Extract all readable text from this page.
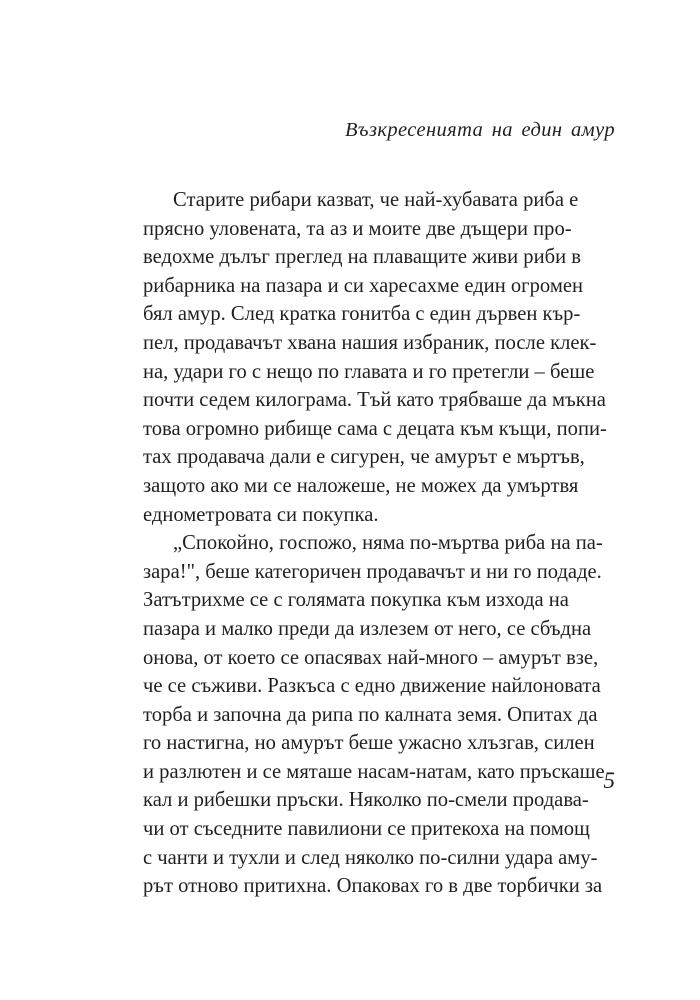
Възкресенията на един амур
Старите рибари казват, че най-хубавата риба е
прясно уловената, та аз и моите две дъщери про-
ведохме дълъг преглед на плаващите живи риби в
рибарника на пазара и си харесахме един огромен
бял амур. След кратка гонитба с един дървен кър-
пел, продавачът хвана нашия избраник, после клек-
на, удари го с нещо по главата и го претегли – беше
почти седем килограма. Тъй като трябваше да мъкна
това огромно рибище сама с децата към къщи, попи-
тах продавача дали е сигурен, че амурът е мъртъв,
защото ако ми се наложеше, не можех да умъртвя
еднометровата си покупка.
„Спокойно, госпожо, няма по-мъртва риба на па-
зара!", беше категоричен продавачът и ни го подаде.
Затътрихме се с голямата покупка към изхода на
пазара и малко преди да излезем от него, се сбъдна
онова, от което се опасявах най-много – амурът взе,
че се съживи. Разкъса с едно движение найлоновата
торба и започна да рипа по калната земя. Опитах да
го настигна, но амурът беше ужасно хлъзгав, силен
и разлютен и се мяташе насам-натам, като пръскаше
кал и рибешки пръски. Няколко по-смели продава-
чи от съседните павилиони се притекоха на помощ
с чанти и тухли и след няколко по-силни удара аму-
рът отново притихна. Опаковах го в две торбички за
5
